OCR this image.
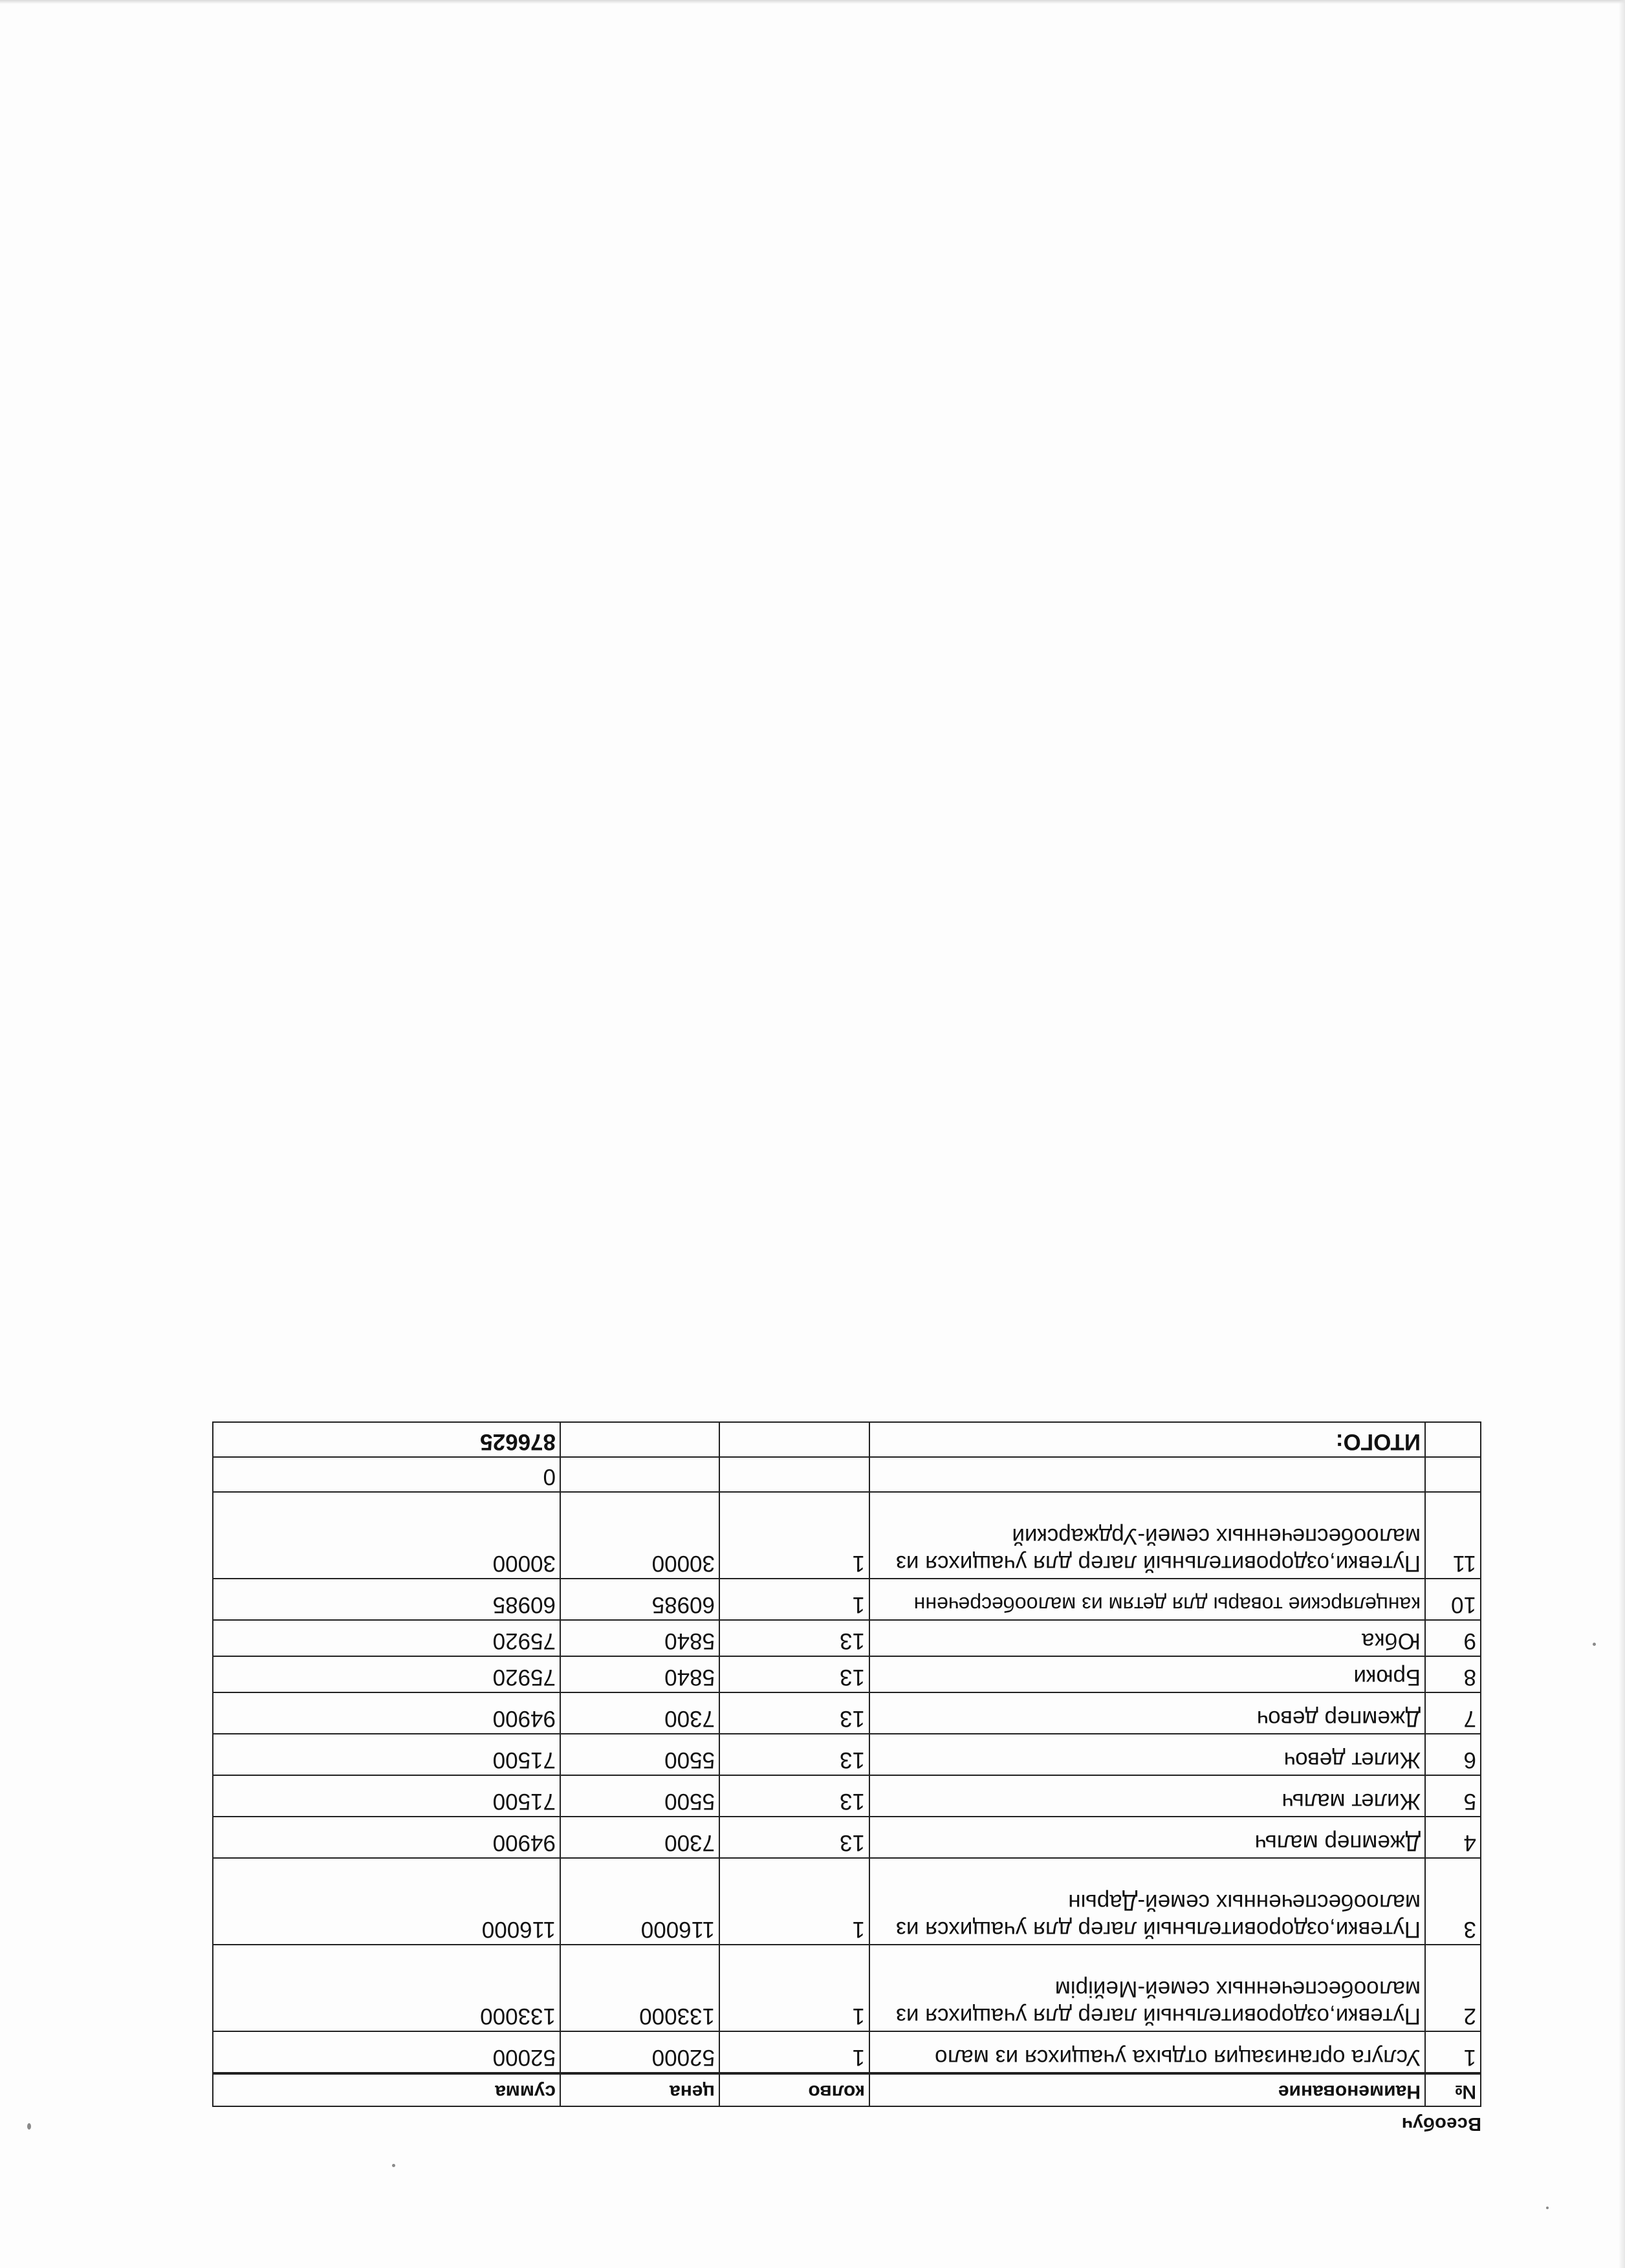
Всеобуч
№	Наименование	колво	цена	сумма
1	Услуга организация отдыха учащихся из мало	1	52000	52000
2	Путевки,оздоровительный лагер для учащихся из малообеспеченных семей-Мейірім	1	133000	133000
3	Путевки,оздоровительный лагер для учащихся из малообеспеченных семей-Дарын	1	116000	116000
4	Джемпер мальч	13	7300	94900
5	Жилет мальч	13	5500	71500
6	Жилет девоч	13	5500	71500
7	Джемпер девоч	13	7300	94900
8	Брюки	13	5840	75920
9	Юбка	13	5840	75920
10	канцелярские товары для детям из малообесреченн	1	60985	60985
11	Путевки,оздоровительный лагер для учащихся из малообеспеченных семей-Урджарский	1	30000	30000
				0
	ИТОГО:			876625
